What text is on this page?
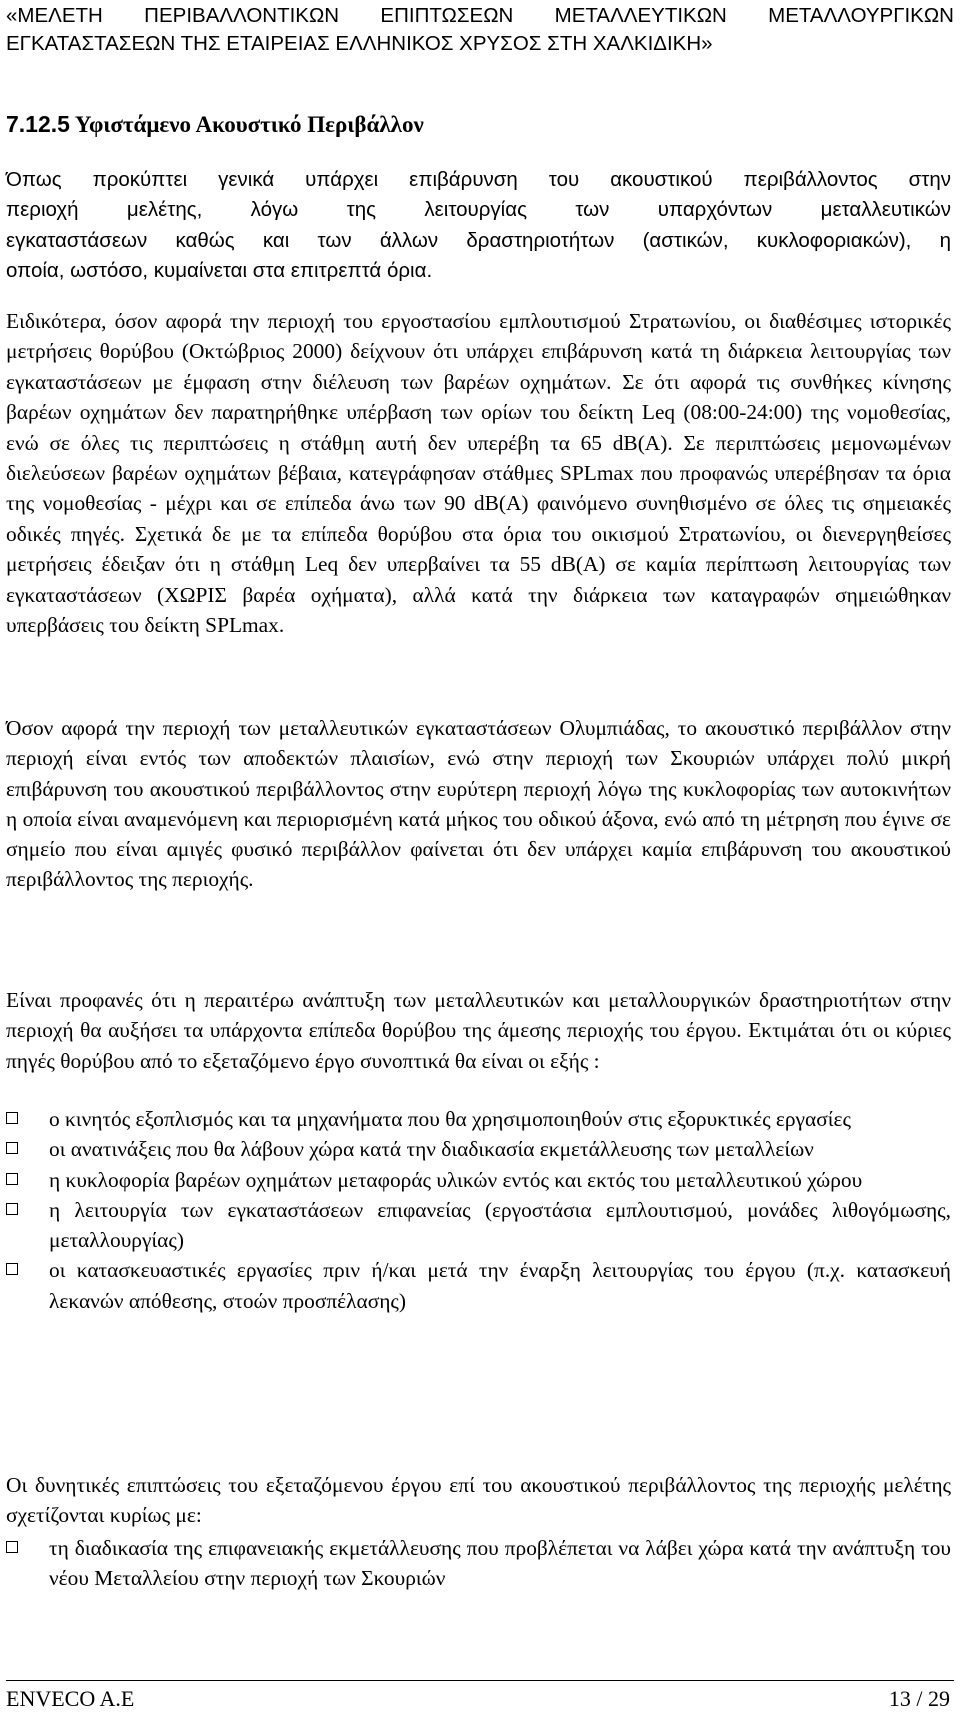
«ΜΕΛΕΤΗ ΠΕΡΙΒΑΛΛΟΝΤΙΚΩΝ ΕΠΙΠΤΩΣΕΩΝ ΜΕΤΑΛΛΕΥΤΙΚΩΝ ΜΕΤΑΛΛΟΥΡΓΙΚΩΝ ΕΓΚΑΤΑΣΤΑΣΕΩΝ ΤΗΣ ΕΤΑΙΡΕΙΑΣ ΕΛΛΗΝΙΚΟΣ ΧΡΥΣΟΣ ΣΤΗ ΧΑΛΚΙΔΙΚΗ»
7.12.5 Υφιστάμενο Ακουστικό Περιβάλλον
Όπως προκύπτει γενικά υπάρχει επιβάρυνση του ακουστικού περιβάλλοντος στην
περιοχή μελέτης, λόγω της λειτουργίας των υπαρχόντων μεταλλευτικών
εγκαταστάσεων καθώς και των άλλων δραστηριοτήτων (αστικών, κυκλοφοριακών), η
οποία, ωστόσο, κυμαίνεται στα επιτρεπτά όρια.

Ειδικότερα, όσον αφορά την περιοχή του εργοστασίου εμπλουτισμού Στρατωνίου, οι διαθέσιμες ιστορικές μετρήσεις θορύβου (Οκτώβριος 2000) δείχνουν ότι υπάρχει επιβάρυνση κατά τη διάρκεια λειτουργίας των εγκαταστάσεων με έμφαση στην διέλευση των βαρέων οχημάτων. Σε ότι αφορά τις συνθήκες κίνησης βαρέων οχημάτων δεν παρατηρήθηκε υπέρβαση των ορίων του δείκτη Leq (08:00-24:00) της νομοθεσίας, ενώ σε όλες τις περιπτώσεις η στάθμη αυτή δεν υπερέβη τα 65 dB(A). Σε περιπτώσεις μεμονωμένων διελεύσεων βαρέων οχημάτων βέβαια, κατεγράφησαν στάθμες SPLmax που προφανώς υπερέβησαν τα όρια της νομοθεσίας - μέχρι και σε επίπεδα άνω των 90 dB(A) φαινόμενο συνηθισμένο σε όλες τις σημειακές οδικές πηγές. Σχετικά δε με τα επίπεδα θορύβου στα όρια του οικισμού Στρατωνίου, οι διενεργηθείσες μετρήσεις έδειξαν ότι η στάθμη Leq δεν υπερβαίνει τα 55 dB(A) σε καμία περίπτωση λειτουργίας των εγκαταστάσεων (ΧΩΡΙΣ βαρέα οχήματα), αλλά κατά την διάρκεια των καταγραφών σημειώθηκαν υπερβάσεις του δείκτη SPLmax.

Όσον αφορά την περιοχή των μεταλλευτικών εγκαταστάσεων Ολυμπιάδας, το ακουστικό περιβάλλον στην περιοχή είναι εντός των αποδεκτών πλαισίων, ενώ στην περιοχή των Σκουριών υπάρχει πολύ μικρή επιβάρυνση του ακουστικού περιβάλλοντος στην ευρύτερη περιοχή λόγω της κυκλοφορίας των αυτοκινήτων η οποία είναι αναμενόμενη και περιορισμένη κατά μήκος του οδικού άξονα, ενώ από τη μέτρηση που έγινε σε σημείο που είναι αμιγές φυσικό περιβάλλον φαίνεται ότι δεν υπάρχει καμία επιβάρυνση του ακουστικού περιβάλλοντος της περιοχής.

Είναι προφανές ότι η περαιτέρω ανάπτυξη των μεταλλευτικών και μεταλλουργικών δραστηριοτήτων στην περιοχή θα αυξήσει τα υπάρχοντα επίπεδα θορύβου της άμεσης περιοχής του έργου. Εκτιμάται ότι οι κύριες πηγές θορύβου από το εξεταζόμενο έργο συνοπτικά θα είναι οι εξής :

ο κινητός εξοπλισμός και τα μηχανήματα που θα χρησιμοποιηθούν στις εξορυκτικές εργασίες
οι ανατινάξεις που θα λάβουν χώρα κατά την διαδικασία εκμετάλλευσης των μεταλλείων
η κυκλοφορία βαρέων οχημάτων μεταφοράς υλικών εντός και εκτός του μεταλλευτικού χώρου
η λειτουργία των εγκαταστάσεων επιφανείας (εργοστάσια εμπλουτισμού, μονάδες λιθογόμωσης, μεταλλουργίας)
οι κατασκευαστικές εργασίες πριν ή/και μετά την έναρξη λειτουργίας του έργου (π.χ. κατασκευή λεκανών απόθεσης, στοών προσπέλασης)

Οι δυνητικές επιπτώσεις του εξεταζόμενου έργου επί του ακουστικού περιβάλλοντος της περιοχής μελέτης σχετίζονται κυρίως με:

τη διαδικασία της επιφανειακής εκμετάλλευσης που προβλέπεται να λάβει χώρα κατά την ανάπτυξη του νέου Μεταλλείου στην περιοχή των Σκουριών
ENVECO A.E	13 / 29
